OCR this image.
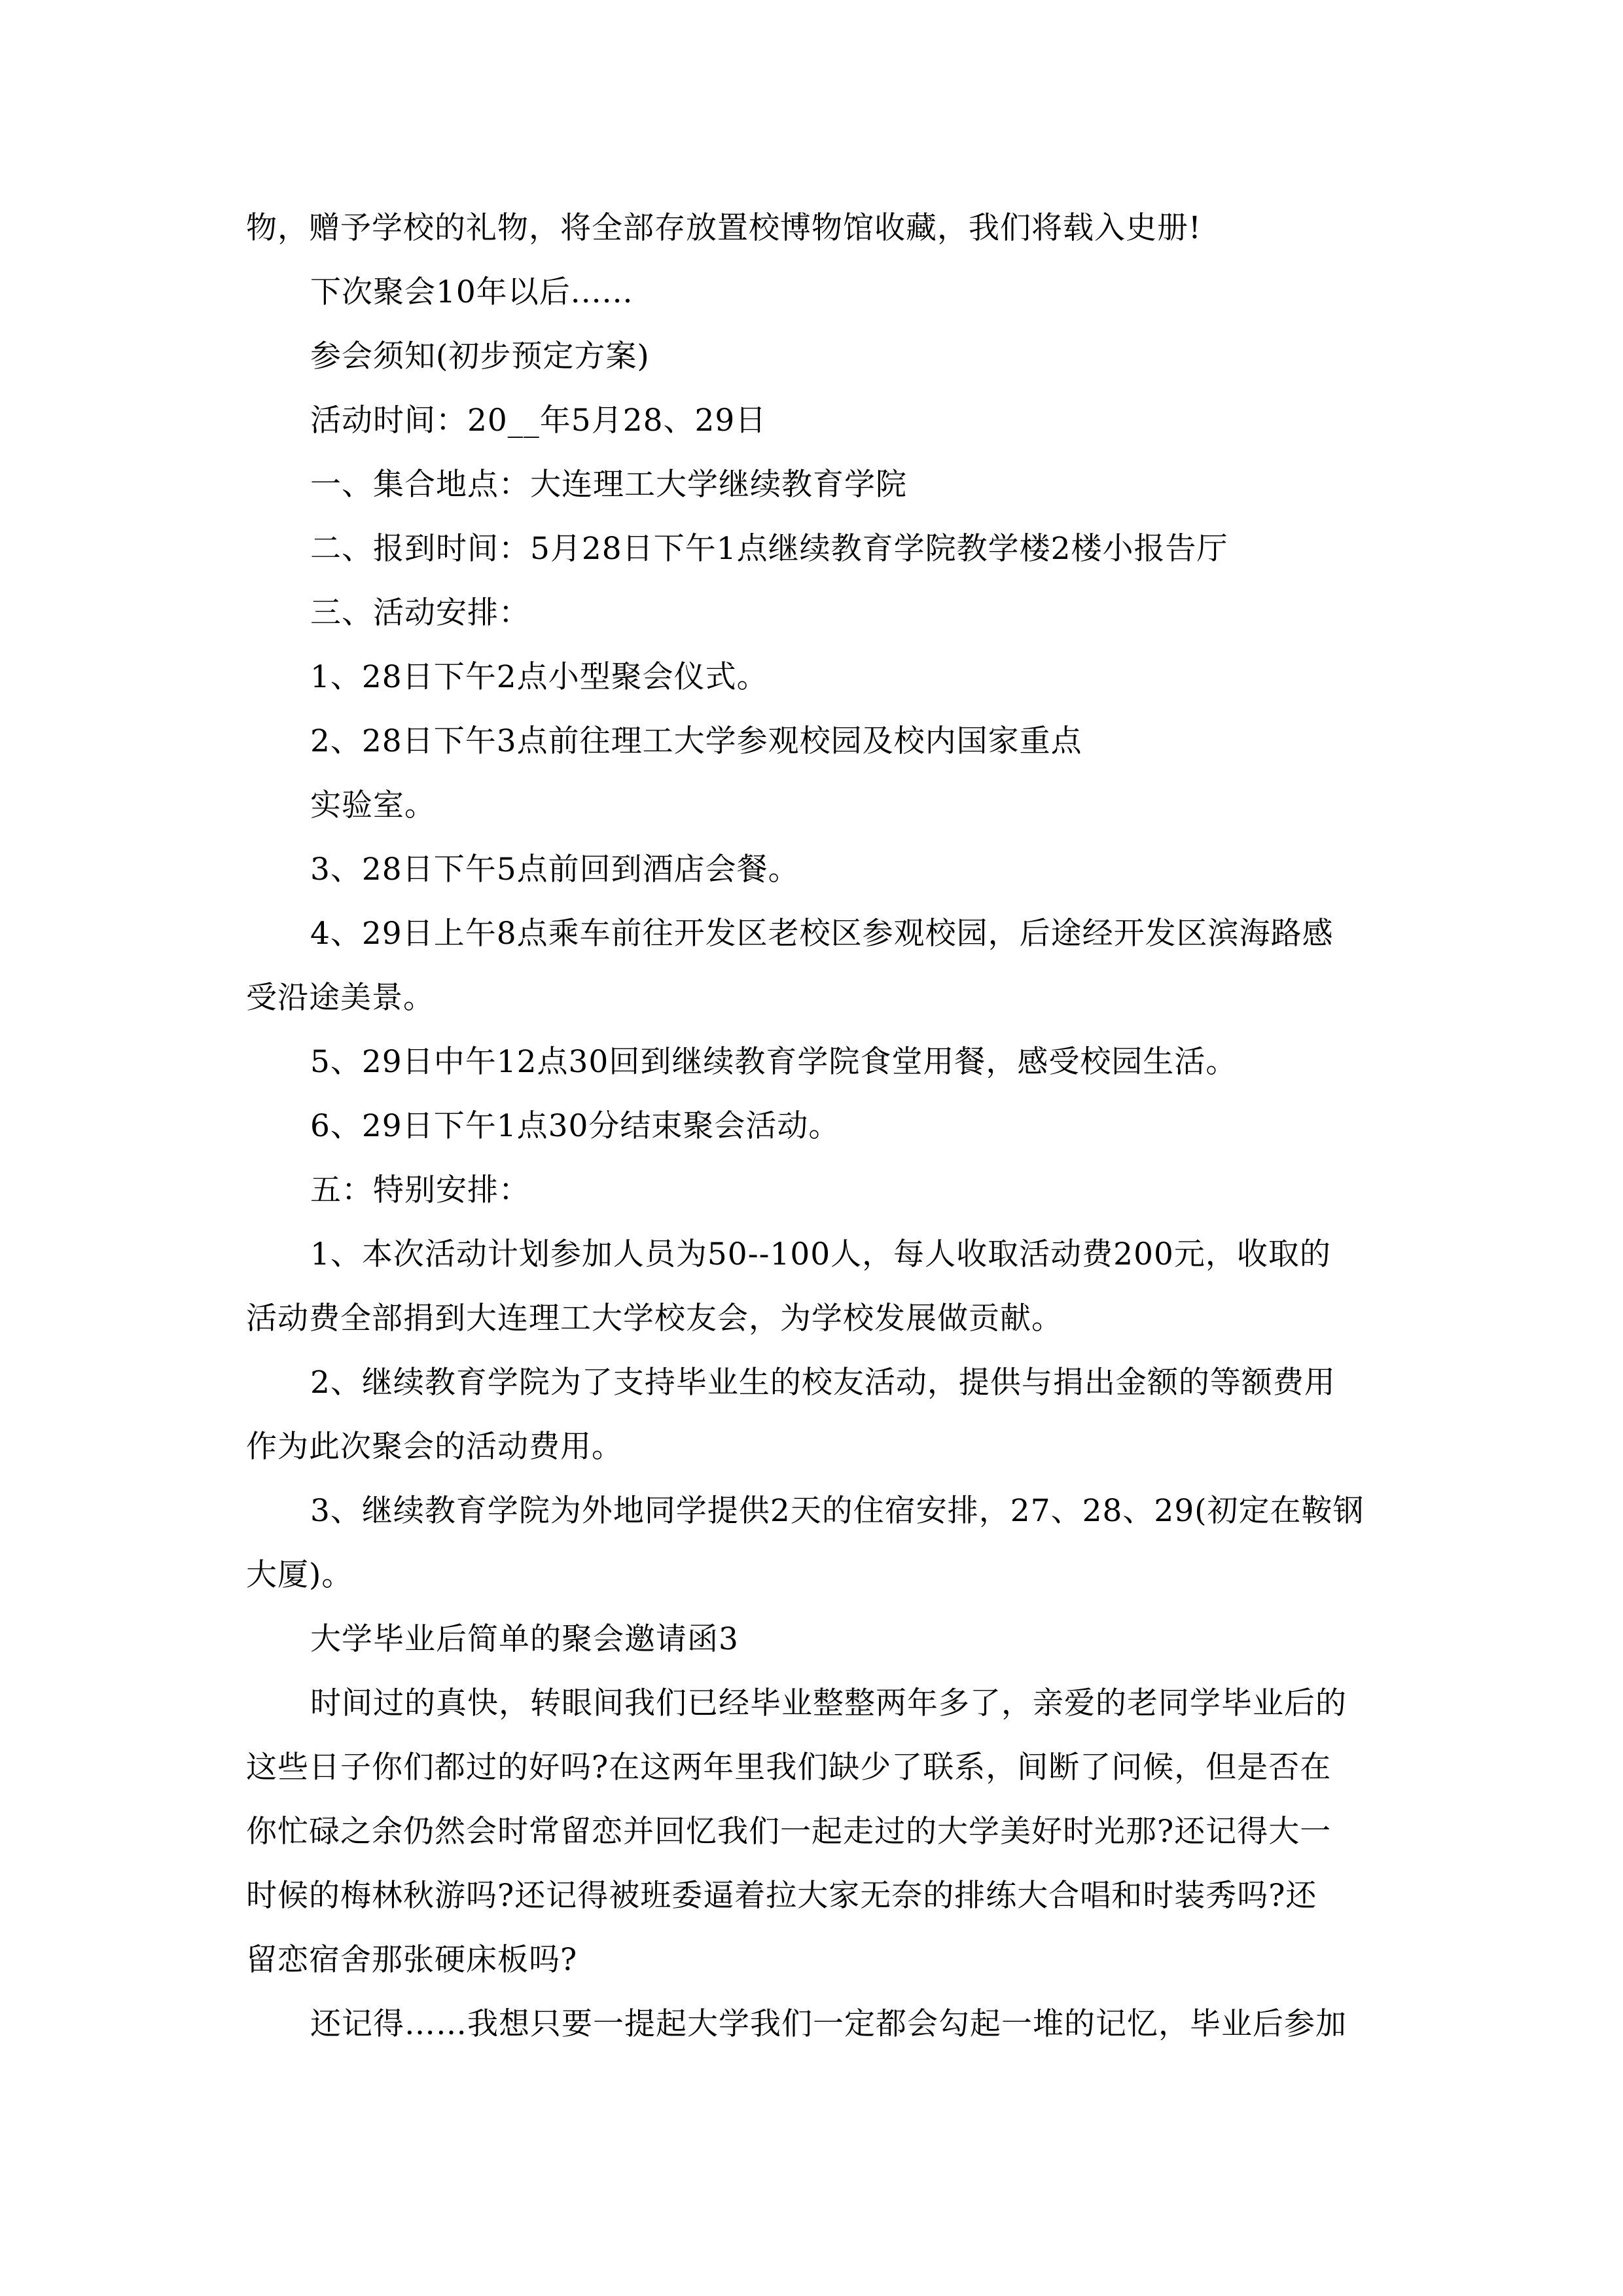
物，赠予学校的礼物，将全部存放置校博物馆收藏，我们将载入史册!
下次聚会10年以后......
参会须知(初步预定方案)
活动时间：20__年5月28、29日
一、集合地点：大连理工大学继续教育学院
二、报到时间：5月28日下午1点继续教育学院教学楼2楼小报告厅
三、活动安排：
1、28日下午2点小型聚会仪式。
2、28日下午3点前往理工大学参观校园及校内国家重点
实验室。
3、28日下午5点前回到酒店会餐。
4、29日上午8点乘车前往开发区老校区参观校园，后途经开发区滨海路感
受沿途美景。
5、29日中午12点30回到继续教育学院食堂用餐，感受校园生活。
6、29日下午1点30分结束聚会活动。
五：特别安排：
1、本次活动计划参加人员为50--100人，每人收取活动费200元，收取的
活动费全部捐到大连理工大学校友会，为学校发展做贡献。
2、继续教育学院为了支持毕业生的校友活动，提供与捐出金额的等额费用
作为此次聚会的活动费用。
3、继续教育学院为外地同学提供2天的住宿安排，27、28、29(初定在鞍钢
大厦)。
大学毕业后简单的聚会邀请函3
时间过的真快，转眼间我们已经毕业整整两年多了，亲爱的老同学毕业后的
这些日子你们都过的好吗?在这两年里我们缺少了联系，间断了问候，但是否在
你忙碌之余仍然会时常留恋并回忆我们一起走过的大学美好时光那?还记得大一
时候的梅林秋游吗?还记得被班委逼着拉大家无奈的排练大合唱和时装秀吗?还
留恋宿舍那张硬床板吗?
还记得……我想只要一提起大学我们一定都会勾起一堆的记忆，毕业后参加
